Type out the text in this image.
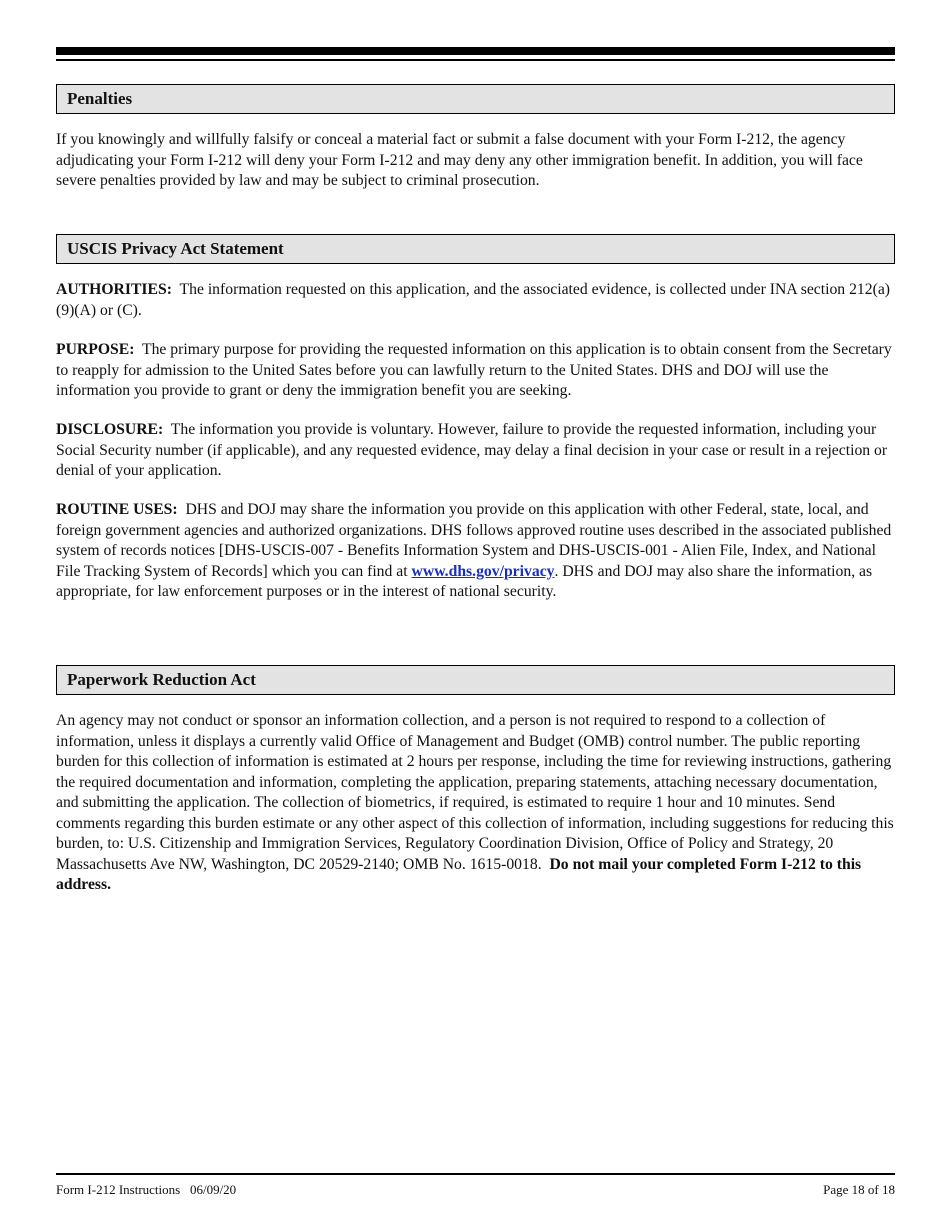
Penalties

If you knowingly and willfully falsify or conceal a material fact or submit a false document with your Form I-212, the agency adjudicating your Form I-212 will deny your Form I-212 and may deny any other immigration benefit. In addition, you will face severe penalties provided by law and may be subject to criminal prosecution.

USCIS Privacy Act Statement

AUTHORITIES: The information requested on this application, and the associated evidence, is collected under INA section 212(a)(9)(A) or (C).

PURPOSE: The primary purpose for providing the requested information on this application is to obtain consent from the Secretary to reapply for admission to the United Sates before you can lawfully return to the United States. DHS and DOJ will use the information you provide to grant or deny the immigration benefit you are seeking.

DISCLOSURE: The information you provide is voluntary. However, failure to provide the requested information, including your Social Security number (if applicable), and any requested evidence, may delay a final decision in your case or result in a rejection or denial of your application.

ROUTINE USES: DHS and DOJ may share the information you provide on this application with other Federal, state, local, and foreign government agencies and authorized organizations. DHS follows approved routine uses described in the associated published system of records notices [DHS-USCIS-007 - Benefits Information System and DHS-USCIS-001 - Alien File, Index, and National File Tracking System of Records] which you can find at www.dhs.gov/privacy. DHS and DOJ may also share the information, as appropriate, for law enforcement purposes or in the interest of national security.

Paperwork Reduction Act

An agency may not conduct or sponsor an information collection, and a person is not required to respond to a collection of information, unless it displays a currently valid Office of Management and Budget (OMB) control number. The public reporting burden for this collection of information is estimated at 2 hours per response, including the time for reviewing instructions, gathering the required documentation and information, completing the application, preparing statements, attaching necessary documentation, and submitting the application. The collection of biometrics, if required, is estimated to require 1 hour and 10 minutes. Send comments regarding this burden estimate or any other aspect of this collection of information, including suggestions for reducing this burden, to: U.S. Citizenship and Immigration Services, Regulatory Coordination Division, Office of Policy and Strategy, 20 Massachusetts Ave NW, Washington, DC 20529-2140; OMB No. 1615-0018. Do not mail your completed Form I-212 to this address.

Form I-212 Instructions   06/09/20	Page 18 of 18
